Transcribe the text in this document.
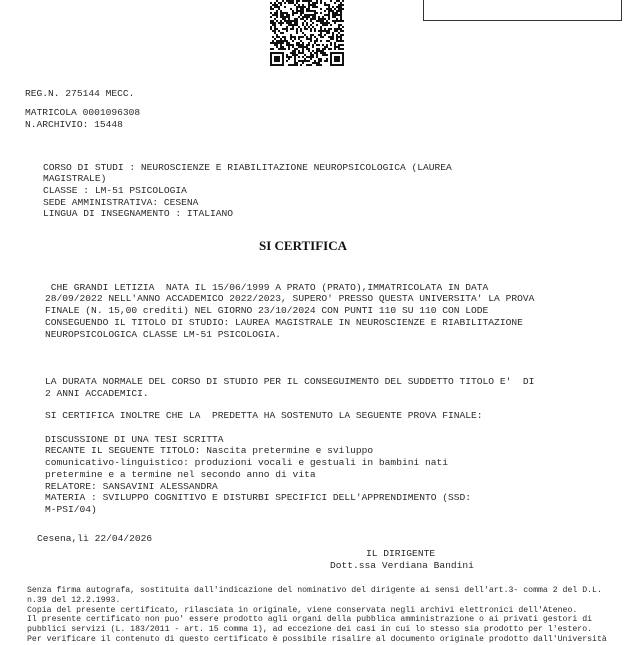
REG.N. 275144 MECC.
MATRICOLA 0001096308
N.ARCHIVIO: 15448
CORSO DI STUDI : NEUROSCIENZE E RIABILITAZIONE NEUROPSICOLOGICA (LAUREA
MAGISTRALE)
CLASSE : LM-51 PSICOLOGIA
SEDE AMMINISTRATIVA: CESENA
LINGUA DI INSEGNAMENTO : ITALIANO
SI CERTIFICA
CHE GRANDI LETIZIA  NATA IL 15/06/1999 A PRATO (PRATO),IMMATRICOLATA IN DATA
28/09/2022 NELL'ANNO ACCADEMICO 2022/2023, SUPERO' PRESSO QUESTA UNIVERSITA' LA PROVA
FINALE (N. 15,00 crediti) NEL GIORNO 23/10/2024 CON PUNTI 110 SU 110 CON LODE
CONSEGUENDO IL TITOLO DI STUDIO: LAUREA MAGISTRALE IN NEUROSCIENZE E RIABILITAZIONE
NEUROPSICOLOGICA CLASSE LM-51 PSICOLOGIA.
LA DURATA NORMALE DEL CORSO DI STUDIO PER IL CONSEGUIMENTO DEL SUDDETTO TITOLO E'  DI
2 ANNI ACCADEMICI.
SI CERTIFICA INOLTRE CHE LA  PREDETTA HA SOSTENUTO LA SEGUENTE PROVA FINALE:
DISCUSSIONE DI UNA TESI SCRITTA
RECANTE IL SEGUENTE TITOLO: Nascita pretermine e sviluppo
comunicativo-linguistico: produzioni vocali e gestuali in bambini nati
pretermine e a termine nel secondo anno di vita
RELATORE: SANSAVINI ALESSANDRA
MATERIA : SVILUPPO COGNITIVO E DISTURBI SPECIFICI DELL'APPRENDIMENTO (SSD:
M-PSI/04)
Cesena,lì 22/04/2026
IL DIRIGENTE
Dott.ssa Verdiana Bandini
Senza firma autografa, sostituita dall'indicazione del nominativo del dirigente ai sensi dell'art.3- comma 2 del D.L.
n.39 del 12.2.1993.
Copia del presente certificato, rilasciata in originale, viene conservata negli archivi elettronici dell'Ateneo.
Il presente certificato non puo' essere prodotto agli organi della pubblica amministrazione o ai privati gestori di
pubblici servizi (L. 183/2011 - art. 15 comma 1), ad eccezione dei casi in cui lo stesso sia prodotto per l'estero.
Per verificare il contenuto di questo certificato è possibile risalire al documento originale prodotto dall'Università
